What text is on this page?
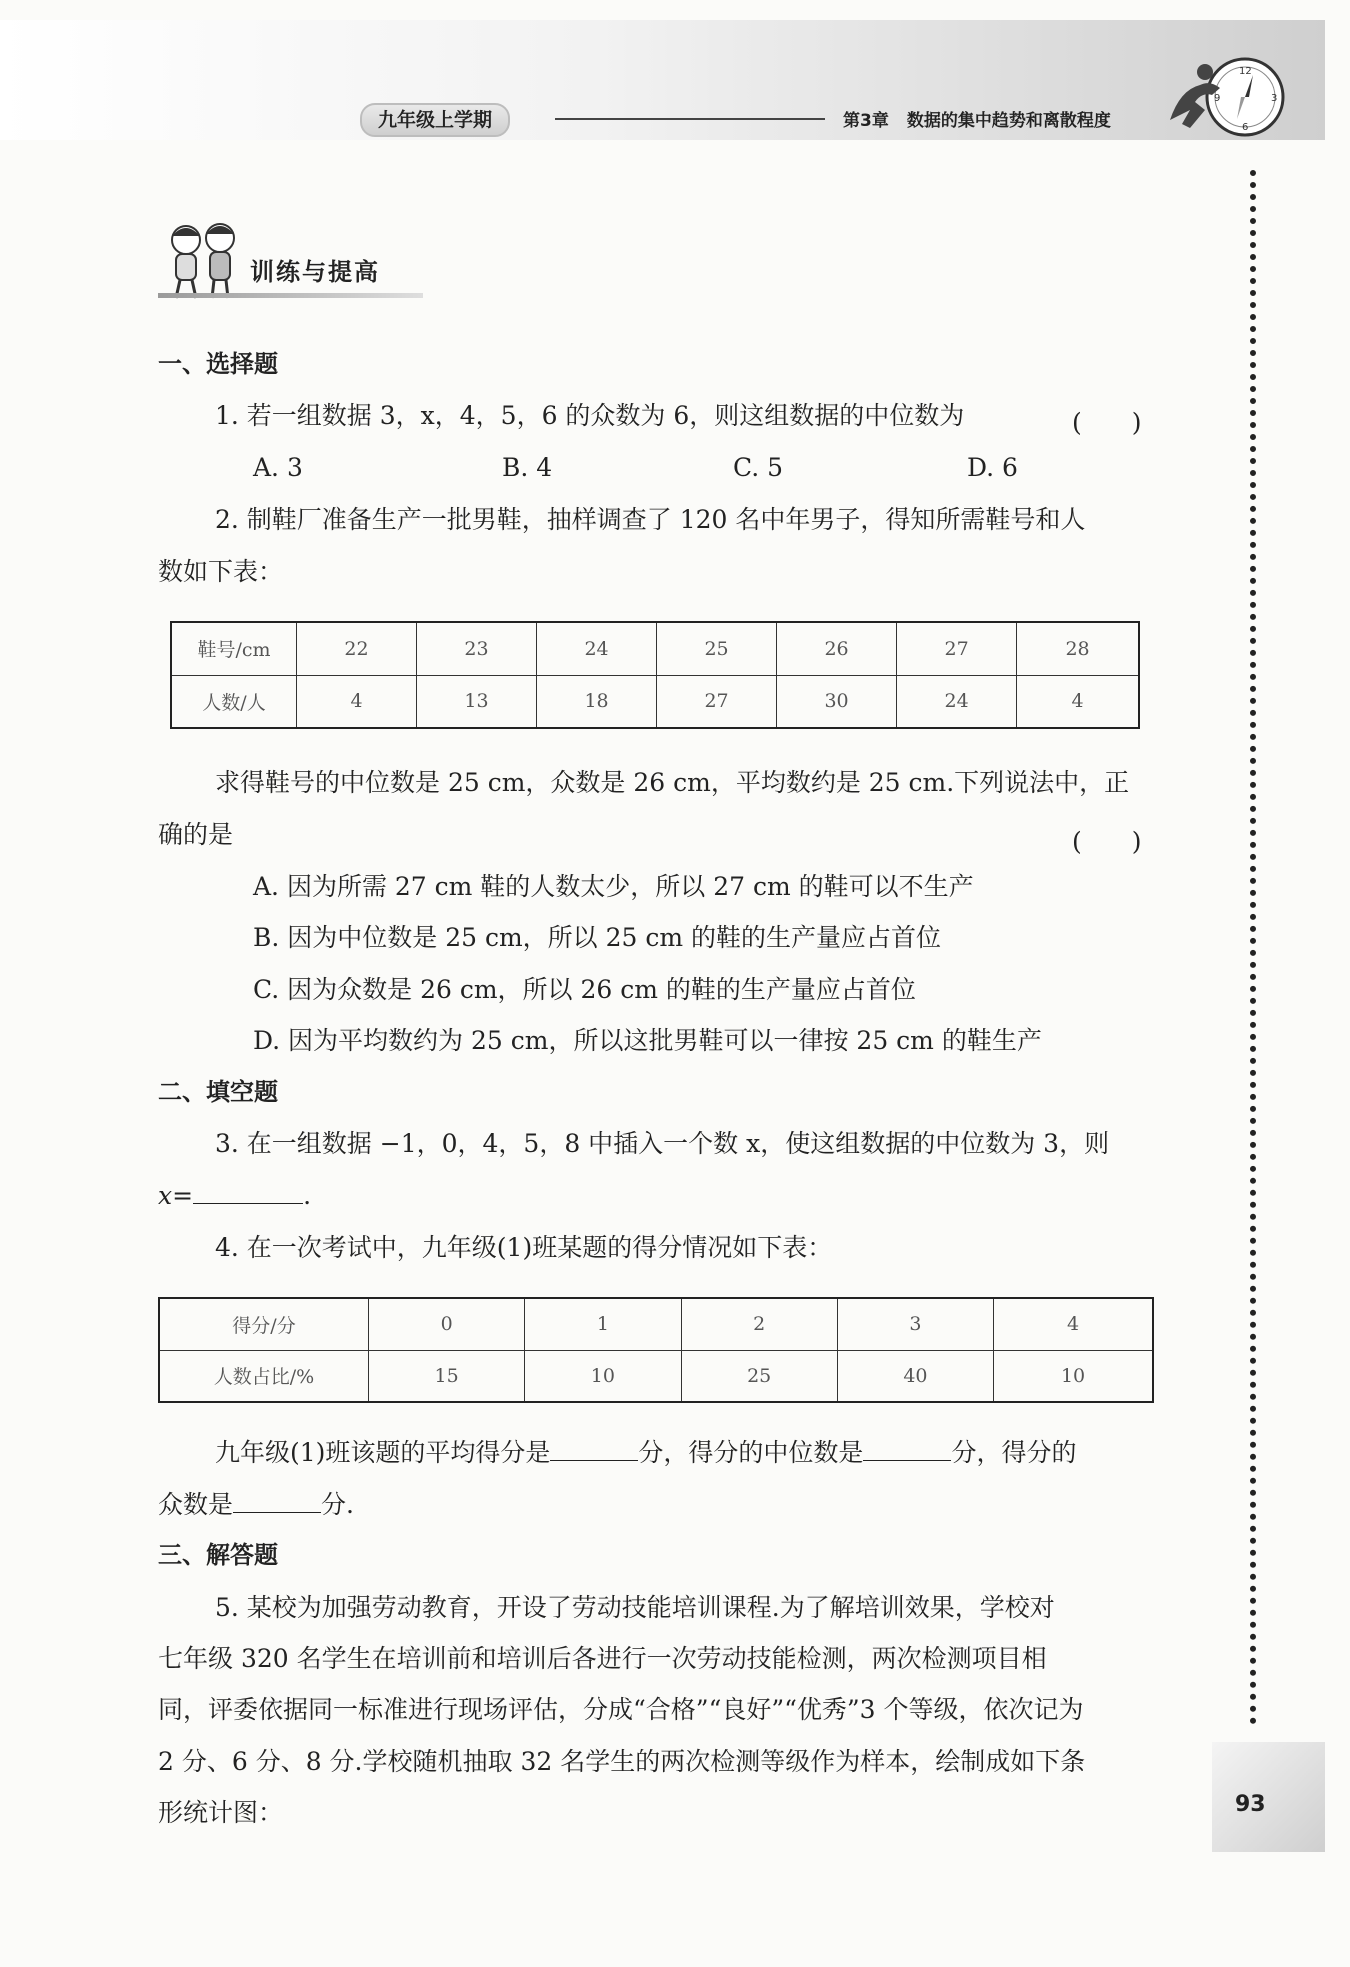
九年级上学期	第3章 数据的集中趋势和离散程度
12
3
6
9
93
训练与提高
一、选择题
1. 若一组数据 3，x，4，5，6 的众数为 6，则这组数据的中位数为	(　　)
A. 3	B. 4	C. 5	D. 6
2. 制鞋厂准备生产一批男鞋，抽样调查了 120 名中年男子，得知所需鞋号和人
数如下表：
鞋号/cm	22	23	24	25	26	27	28
人数/人	4	13	18	27	30	24	4
求得鞋号的中位数是 25 cm，众数是 26 cm，平均数约是 25 cm.下列说法中，正
确的是	(　　)
A. 因为所需 27 cm 鞋的人数太少，所以 27 cm 的鞋可以不生产
B. 因为中位数是 25 cm，所以 25 cm 的鞋的生产量应占首位
C. 因为众数是 26 cm，所以 26 cm 的鞋的生产量应占首位
D. 因为平均数约为 25 cm，所以这批男鞋可以一律按 25 cm 的鞋生产
二、填空题
3. 在一组数据 −1，0，4，5，8 中插入一个数 x，使这组数据的中位数为 3，则
x=	.
4. 在一次考试中，九年级(1)班某题的得分情况如下表：
得分/分	0	1	2	3	4
人数占比/%	15	10	25	40	10
九年级(1)班该题的平均得分是	分，得分的中位数是	分，得分的
众数是	分.
三、解答题
5. 某校为加强劳动教育，开设了劳动技能培训课程.为了解培训效果，学校对
七年级 320 名学生在培训前和培训后各进行一次劳动技能检测，两次检测项目相
同，评委依据同一标准进行现场评估，分成“合格”“良好”“优秀”3 个等级，依次记为
2 分、6 分、8 分.学校随机抽取 32 名学生的两次检测等级作为样本，绘制成如下条
形统计图：
